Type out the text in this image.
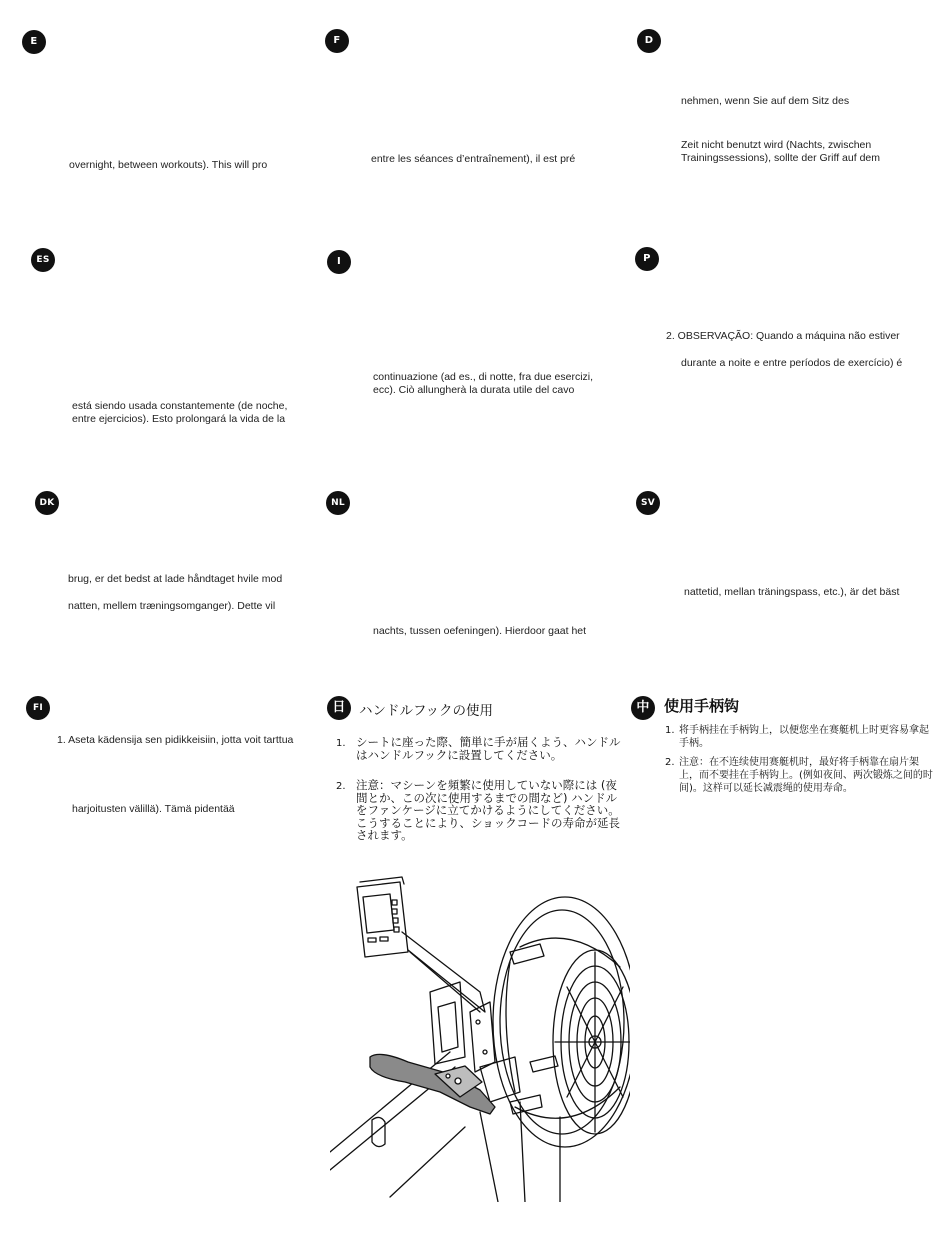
E
overnight, between workouts). This will pro
F
entre les séances d’entraînement), il est pré
D
nehmen, wenn Sie auf dem Sitz des
Zeit nicht benutzt wird (Nachts, zwischen
Trainingssessions), sollte der Griff auf dem
ES
está siendo usada constantemente (de noche,
entre ejercicios). Esto prolongará la vida de la
I
continuazione (ad es., di notte, fra due esercizi,
ecc). Ciò allungherà la durata utile del cavo
P
2. OBSERVAÇÃO: Quando a máquina não estiver
durante a noite e entre períodos de exercício) é
DK
brug, er det bedst at lade håndtaget hvile mod
natten, mellem træningsomganger). Dette vil
NL
nachts, tussen oefeningen). Hierdoor gaat het
SV
nattetid, mellan träningspass, etc.), är det bäst
FI
1. Aseta kädensija sen pidikkeisiin, jotta voit tarttua
harjoitusten välillä). Tämä pidentää
日 ハンドルフックの使用
1. シートに座った際、簡単に手が届くよう、ハンドルはハンドルフックに設置してください。
2. 注意：マシーンを頻繁に使用していない際には (夜間とか、この次に使用するまでの間など) ハンドルをファンケージに立てかけるようにしてください。こうすることにより、ショックコードの寿命が延長されます。
中 使用手柄钩
1. 将手柄挂在手柄钩上，以便您坐在赛艇机上时更容易拿起手柄。
2. 注意：在不连续使用赛艇机时，最好将手柄靠在扇片架上，而不要挂在手柄钩上。(例如夜间、两次锻炼之间的时间)。这样可以延长减震绳的使用寿命。
